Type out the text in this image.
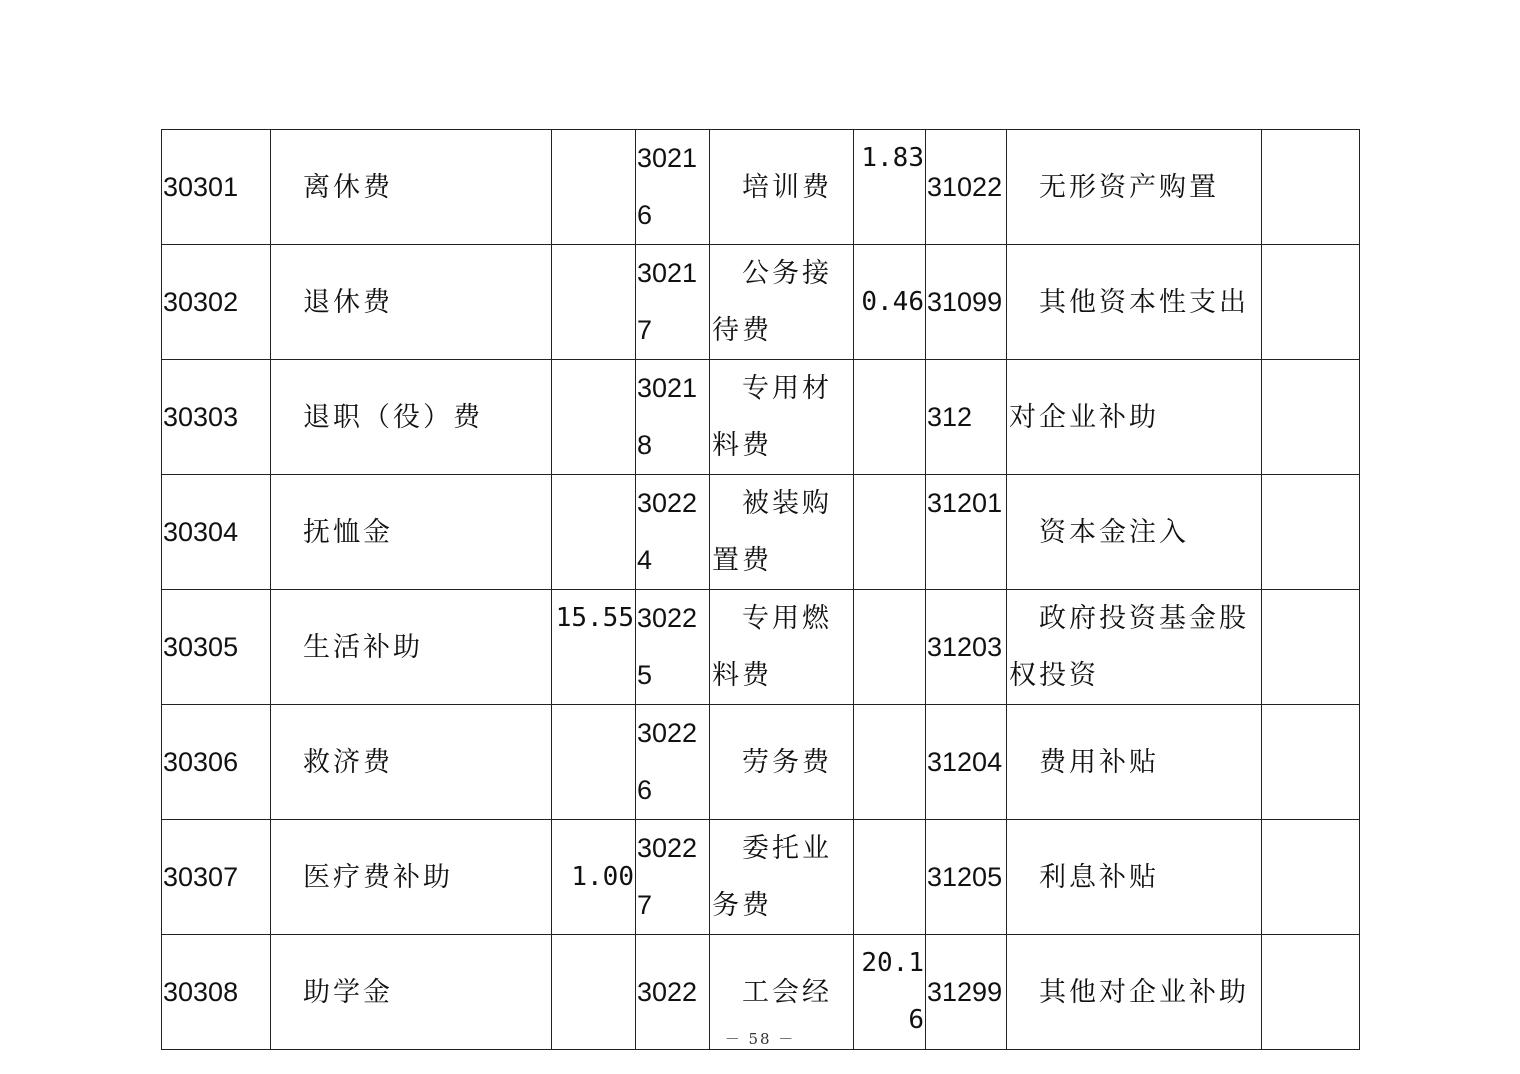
30301	离休费		30216	培训费	1.83	31022	无形资产购置	
30302	退休费		30217	公务接待费	0.46	31099	其他资本性支出	
30303	退职（役）费		30218	专用材料费		312	对企业补助	
30304	抚恤金		30224	被装购置费		31201	资本金注入	
30305	生活补助	15.55	30225	专用燃料费		31203	政府投资基金股权投资	
30306	救济费		30226	劳务费		31204	费用补贴	
30307	医疗费补助	1.00	30227	委托业务费		31205	利息补贴	
30308	助学金		3022	工会经	20.16	31299	其他对企业补助	
－ 58 －
